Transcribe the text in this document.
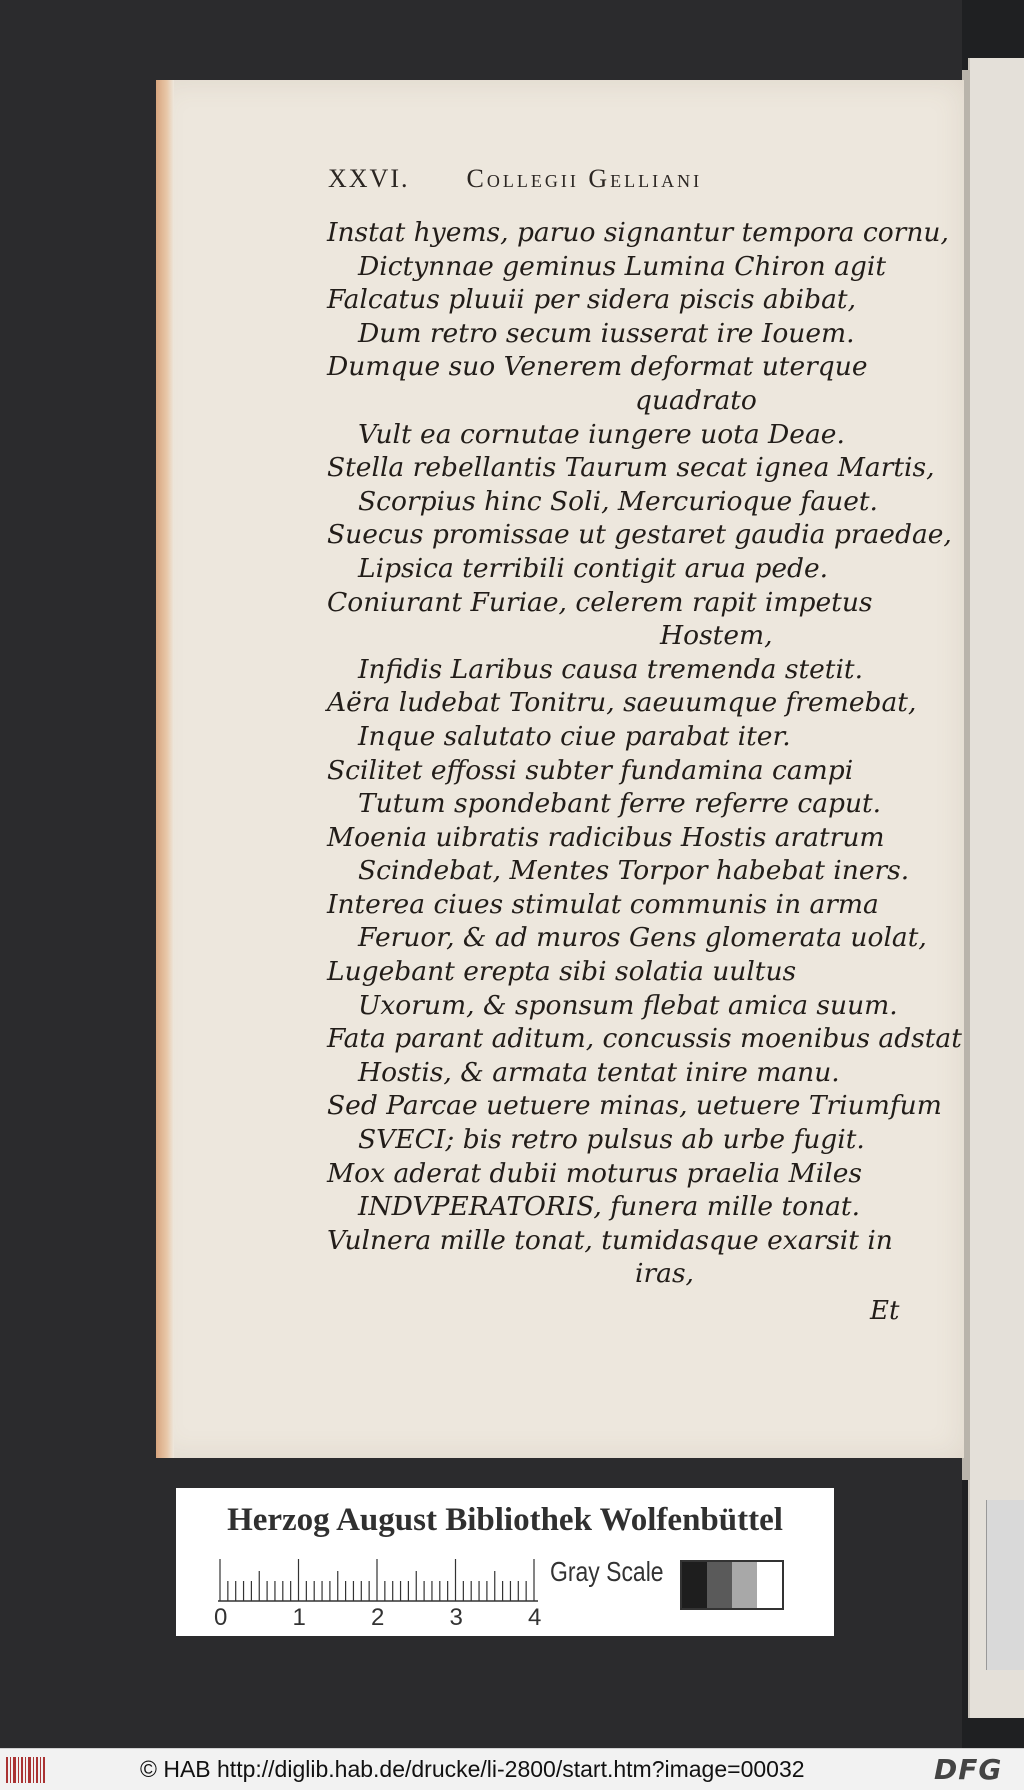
XXVI. Collegii Gelliani
Instat hyems, paruo signantur tempora cornu,
Dictynnae geminus Lumina Chiron agit
Falcatus pluuii per sidera piscis abibat,
Dum retro secum iusserat ire Iouem.
Dumque suo Venerem deformat uterque
quadrato
Vult ea cornutae iungere uota Deae.
Stella rebellantis Taurum secat ignea Martis,
Scorpius hinc Soli, Mercurioque fauet.
Suecus promissae ut gestaret gaudia praedae,
Lipsica terribili contigit arua pede.
Coniurant Furiae, celerem rapit impetus
Hostem,
Infidis Laribus causa tremenda stetit.
Aëra ludebat Tonitru, saeuumque fremebat,
Inque salutato ciue parabat iter.
Scilitet effossi subter fundamina campi
Tutum spondebant ferre referre caput.
Moenia uibratis radicibus Hostis aratrum
Scindebat, Mentes Torpor habebat iners.
Interea ciues stimulat communis in arma
Feruor, & ad muros Gens glomerata uolat,
Lugebant erepta sibi solatia uultus
Uxorum, & sponsum flebat amica suum.
Fata parant aditum, concussis moenibus adstat
Hostis, & armata tentat inire manu.
Sed Parcae uetuere minas, uetuere Triumfum
SVECI; bis retro pulsus ab urbe fugit.
Mox aderat dubii moturus praelia Miles
INDVPERATORIS, funera mille tonat.
Vulnera mille tonat, tumidasque exarsit in
iras,
Et
Herzog August Bibliothek Wolfenbüttel
Gray Scale
0	1	2	3	4
© HAB http://diglib.hab.de/drucke/li-2800/start.htm?image=00032	DFG
